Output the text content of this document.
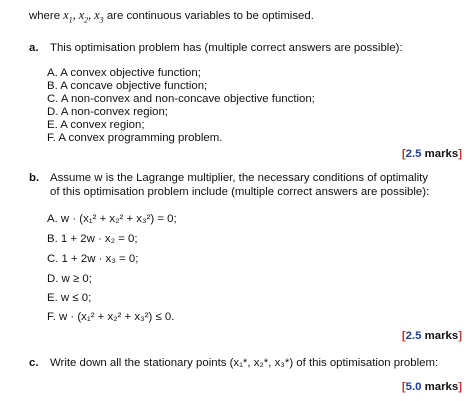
where $x_1$, $x_2$, $x_3$ are continuous variables to be optimised.
a. This optimisation problem has (multiple correct answers are possible):
A. A convex objective function;
B. A concave objective function;
C. A non-convex and non-concave objective function;
D. A non-convex region;
E. A convex region;
F. A convex programming problem.
[2.5 marks]
b. Assume w is the Lagrange multiplier, the necessary conditions of optimality
of this optimisation problem include (multiple correct answers are possible):
A. w · (x₁² + x₂² + x₃²) = 0;
B. 1 + 2w · x₂ = 0;
C. 1 + 2w · x₃ = 0;
D. w ≥ 0;
E. w ≤ 0;
F. w · (x₁² + x₂² + x₃²) ≤ 0.
[2.5 marks]
c. Write down all the stationary points (x₁*, x₂*, x₃*) of this optimisation problem:
[5.0 marks]
